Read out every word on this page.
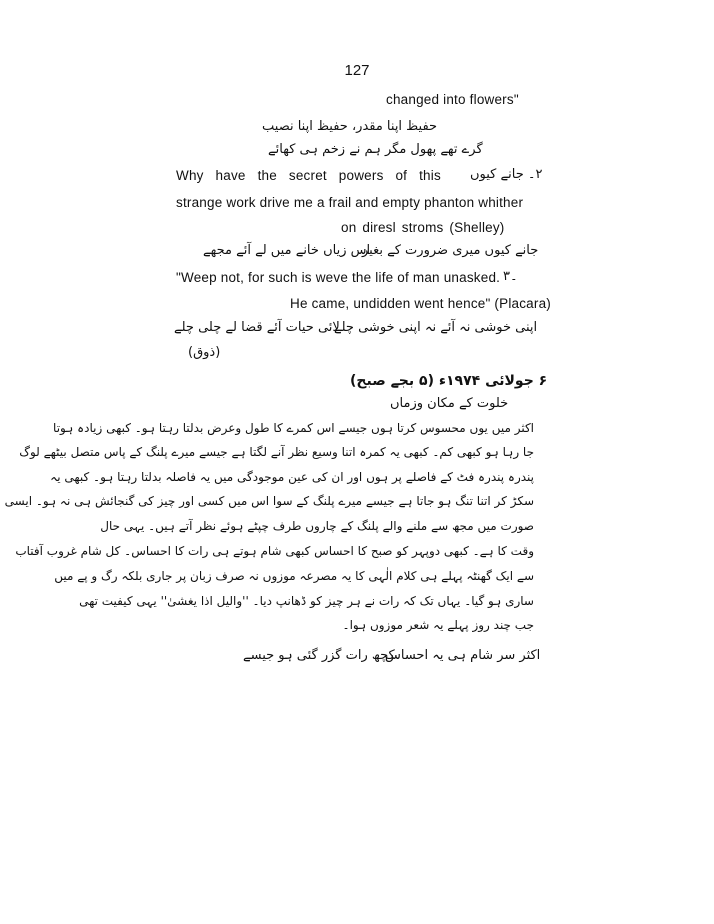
127
changed into flowers"
حفیظ اپنا مقدر، حفیظ اپنا نصیب
گرے تھے پھول مگر ہم نے زخم ہی کھائے
Why have the secret powers of this ۲۔ جانے کیوں
strange work drive me a frail and empty phanton whither
on diresl stroms (Shelley)
اس زیاں خانے میں لے آئے مجھے
جانے کیوں میری ضرورت کے بغیر
"Weep not, for such is weve the life of man unasked. ۔۳
He came, undidden went hence" (Placara)
لائی حیات آئے قضا لے چلی چلے
اپنی خوشی نہ آئے نہ اپنی خوشی چلے
(ذوق)
۶ جولائی ۱۹۷۴ء (۵ بجے صبح)
خلوت کے مکان وزماں
اکثر میں یوں محسوس کرتا ہوں جیسے اس کمرے کا طول وعرض بدلتا رہتا ہو۔ کبھی زیادہ ہوتا
جا رہا ہو کبھی کم۔ کبھی یہ کمرہ اتنا وسیع نظر آنے لگتا ہے جیسے میرے پلنگ کے پاس متصل بیٹھے لوگ
پندرہ پندرہ فٹ کے فاصلے پر ہوں اور ان کی عین موجودگی میں یہ فاصلہ بدلتا رہتا ہو۔ کبھی یہ
سکڑ کر اتنا تنگ ہو جاتا ہے جیسے میرے پلنگ کے سوا اس میں کسی اور چیز کی گنجائش ہی نہ ہو۔ ایسی
صورت میں مجھ سے ملنے والے پلنگ کے چاروں طرف چپٹے ہوئے نظر آتے ہیں۔ یہی حال
وقت کا ہے۔ کبھی دوپہر کو صبح کا احساس کبھی شام ہوتے ہی رات کا احساس۔ کل شام غروب آفتاب
سے ایک گھنٹہ پہلے ہی کلام الٰہی کا یہ مصرعہ موزوں نہ صرف زبان پر جاری بلکہ رگ و پے میں
ساری ہو گیا۔ یہاں تک کہ رات نے ہر چیز کو ڈھانپ دیا۔ ''والیل اذا یغشیٰ'' یہی کیفیت تھی
جب چند روز پہلے یہ شعر موزوں ہوا۔
اکثر سر شام ہی یہ احساس
کچھ رات گزر گئی ہو جیسے
